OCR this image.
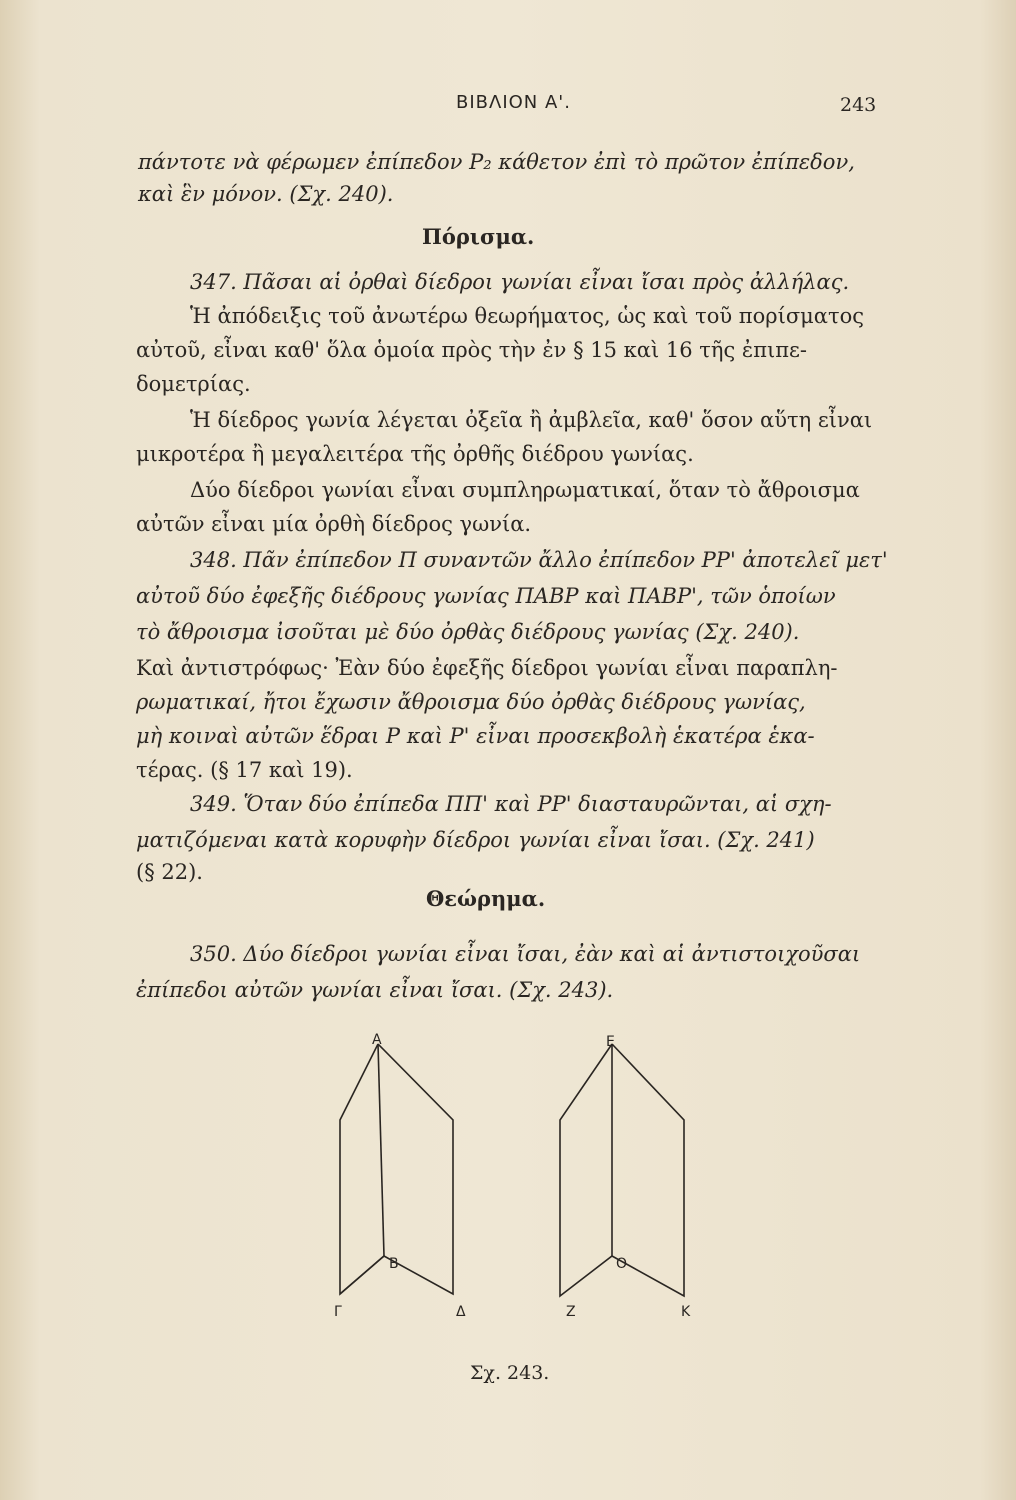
ΒΙΒΛΙΟΝ Α'.	243
πάντοτε νὰ φέρωμεν ἐπίπεδον P₂ κάθετον ἐπὶ τὸ πρῶτον ἐπίπεδον,
καὶ ἓν μόνον. (Σχ. 240).
Πόρισμα.
347. Πᾶσαι αἱ ὀρθαὶ δίεδροι γωνίαι εἶναι ἴσαι πρὸς ἀλλήλας.
Ἡ ἀπόδειξις τοῦ ἀνωτέρω θεωρήματος, ὡς καὶ τοῦ πορίσματος
αὐτοῦ, εἶναι καθ' ὅλα ὁμοία πρὸς τὴν ἐν § 15 καὶ 16 τῆς ἐπιπε-
δομετρίας.
Ἡ δίεδρος γωνία λέγεται ὀξεῖα ἢ ἀμβλεῖα, καθ' ὅσον αὕτη εἶναι
μικροτέρα ἢ μεγαλειτέρα τῆς ὀρθῆς διέδρου γωνίας.
Δύο δίεδροι γωνίαι εἶναι συμπληρωματικαί, ὅταν τὸ ἄθροισμα
αὐτῶν εἶναι μία ὀρθὴ δίεδρος γωνία.
348. Πᾶν ἐπίπεδον Π συναντῶν ἄλλο ἐπίπεδον ΡΡ' ἀποτελεῖ μετ'
αὐτοῦ δύο ἐφεξῆς διέδρους γωνίας ΠΑΒΡ καὶ ΠΑΒΡ', τῶν ὁποίων
τὸ ἄθροισμα ἰσοῦται μὲ δύο ὀρθὰς διέδρους γωνίας (Σχ. 240).
Καὶ ἀντιστρόφως· Ἐὰν δύο ἐφεξῆς δίεδροι γωνίαι εἶναι παραπλη-
ρωματικαί, ἤτοι ἔχωσιν ἄθροισμα δύο ὀρθὰς διέδρους γωνίας,
μὴ κοιναὶ αὐτῶν ἕδραι Ρ καὶ Ρ' εἶναι προσεκβολὴ ἑκατέρα ἑκα-
τέρας. (§ 17 καὶ 19).
349. Ὅταν δύο ἐπίπεδα ΠΠ' καὶ ΡΡ' διασταυρῶνται, αἱ σχη-
ματιζόμεναι κατὰ κορυφὴν δίεδροι γωνίαι εἶναι ἴσαι. (Σχ. 241)
(§ 22).
Θεώρημα.
350. Δύο δίεδροι γωνίαι εἶναι ἴσαι, ἐὰν καὶ αἱ ἀντιστοιχοῦσαι
ἐπίπεδοι αὐτῶν γωνίαι εἶναι ἴσαι. (Σχ. 243).
Α	Ε
Β	Ο
Γ	Δ	Ζ	Κ
Σχ. 243.
